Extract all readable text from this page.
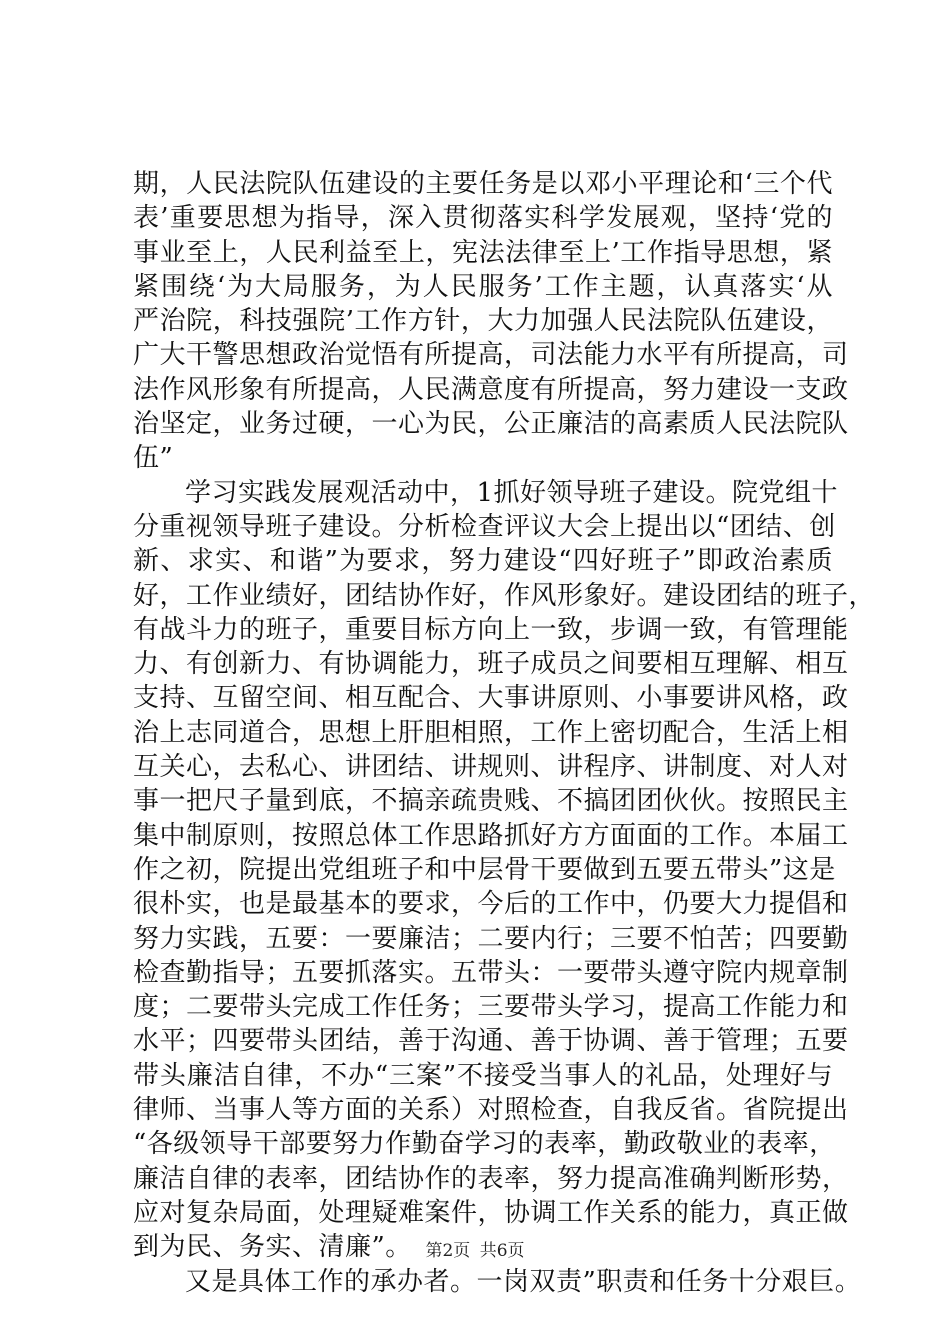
期，人民法院队伍建设的主要任务是以邓小平理论和‘三个代
表’重要思想为指导，深入贯彻落实科学发展观，坚持‘党的
事业至上，人民利益至上，宪法法律至上’工作指导思想，紧
紧围绕‘为大局服务，为人民服务’工作主题，认真落实‘从
严治院，科技强院’工作方针，大力加强人民法院队伍建设，
广大干警思想政治觉悟有所提高，司法能力水平有所提高，司
法作风形象有所提高，人民满意度有所提高，努力建设一支政
治坚定，业务过硬，一心为民，公正廉洁的高素质人民法院队
伍”
学习实践发展观活动中，1抓好领导班子建设。院党组十
分重视领导班子建设。分析检查评议大会上提出以“团结、创
新、求实、和谐”为要求，努力建设“四好班子”即政治素质
好，工作业绩好，团结协作好，作风形象好。建设团结的班子，
有战斗力的班子，重要目标方向上一致，步调一致，有管理能
力、有创新力、有协调能力，班子成员之间要相互理解、相互
支持、互留空间、相互配合、大事讲原则、小事要讲风格，政
治上志同道合，思想上肝胆相照，工作上密切配合，生活上相
互关心，去私心、讲团结、讲规则、讲程序、讲制度、对人对
事一把尺子量到底，不搞亲疏贵贱、不搞团团伙伙。按照民主
集中制原则，按照总体工作思路抓好方方面面的工作。本届工
作之初，院提出党组班子和中层骨干要做到五要五带头”这是
很朴实，也是最基本的要求，今后的工作中，仍要大力提倡和
努力实践，五要：一要廉洁；二要内行；三要不怕苦；四要勤
检查勤指导；五要抓落实。五带头：一要带头遵守院内规章制
度；二要带头完成工作任务；三要带头学习，提高工作能力和
水平；四要带头团结，善于沟通、善于协调、善于管理；五要
带头廉洁自律，不办“三案”不接受当事人的礼品，处理好与
律师、当事人等方面的关系）对照检查，自我反省。省院提出
“各级领导干部要努力作勤奋学习的表率，勤政敬业的表率，
廉洁自律的表率，团结协作的表率，努力提高准确判断形势，
应对复杂局面，处理疑难案件，协调工作关系的能力，真正做
到为民、务实、清廉”。
又是具体工作的承办者。一岗双责”职责和任务十分艰巨。
第2页 共6页
